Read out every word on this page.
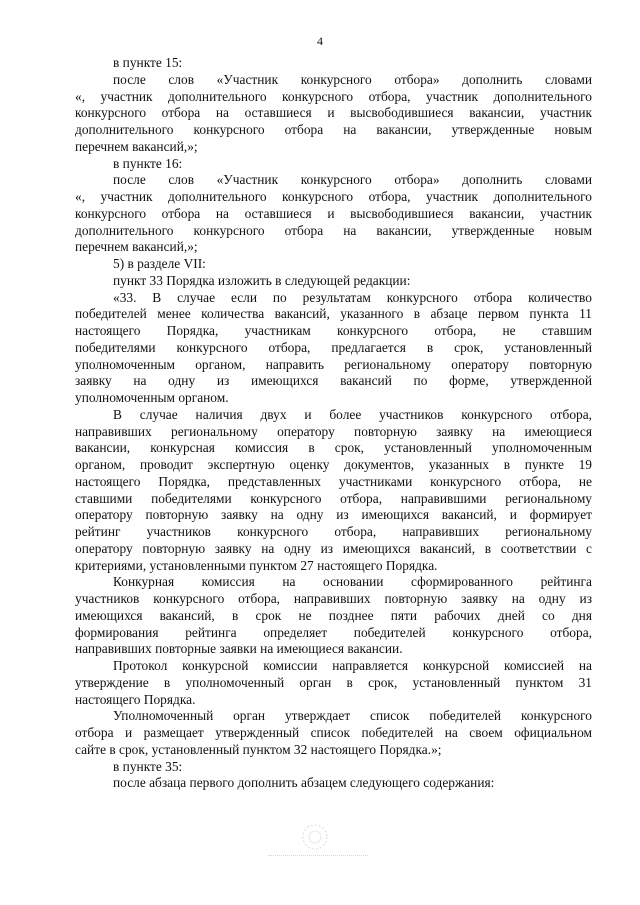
4
в пункте 15:
после слов «Участник конкурсного отбора» дополнить словами
«, участник дополнительного конкурсного отбора, участник дополнительного
конкурсного отбора на оставшиеся и высвободившиеся вакансии, участник
дополнительного конкурсного отбора на вакансии, утвержденные новым
перечнем вакансий,»;
в пункте 16:
после слов «Участник конкурсного отбора» дополнить словами
«, участник дополнительного конкурсного отбора, участник дополнительного
конкурсного отбора на оставшиеся и высвободившиеся вакансии, участник
дополнительного конкурсного отбора на вакансии, утвержденные новым
перечнем вакансий,»;
5) в разделе VII:
пункт 33 Порядка изложить в следующей редакции:
«33. В случае если по результатам конкурсного отбора количество
победителей менее количества вакансий, указанного в абзаце первом пункта 11
настоящего Порядка, участникам конкурсного отбора, не ставшим
победителями конкурсного отбора, предлагается в срок, установленный
уполномоченным органом, направить региональному оператору повторную
заявку на одну из имеющихся вакансий по форме, утвержденной
уполномоченным органом.
В случае наличия двух и более участников конкурсного отбора,
направивших региональному оператору повторную заявку на имеющиеся
вакансии, конкурсная комиссия в срок, установленный уполномоченным
органом, проводит экспертную оценку документов, указанных в пункте 19
настоящего Порядка, представленных участниками конкурсного отбора, не
ставшими победителями конкурсного отбора, направившими региональному
оператору повторную заявку на одну из имеющихся вакансий, и формирует
рейтинг участников конкурсного отбора, направивших региональному
оператору повторную заявку на одну из имеющихся вакансий, в соответствии с
критериями, установленными пунктом 27 настоящего Порядка.
Конкурная комиссия на основании сформированного рейтинга
участников конкурсного отбора, направивших повторную заявку на одну из
имеющихся вакансий, в срок не позднее пяти рабочих дней со дня
формирования рейтинга определяет победителей конкурсного отбора,
направивших повторные заявки на имеющиеся вакансии.
Протокол конкурсной комиссии направляется конкурсной комиссией на
утверждение в уполномоченный орган в срок, установленный пунктом 31
настоящего Порядка.
Уполномоченный орган утверждает список победителей конкурсного
отбора и размещает утвержденный список победителей на своем официальном
сайте в срок, установленный пунктом 32 настоящего Порядка.»;
в пункте 35:
после абзаца первого дополнить абзацем следующего содержания:
